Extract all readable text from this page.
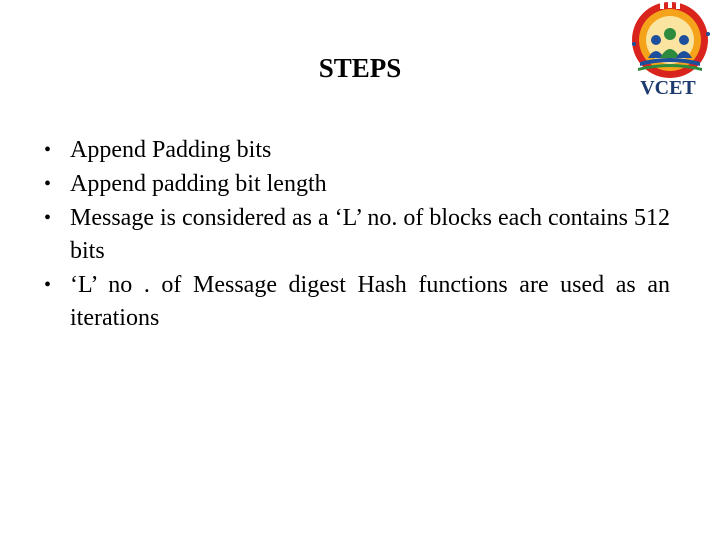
VCET
STEPS
• Append Padding bits
• Append padding bit length
• Message is considered as a ‘L’ no. of blocks each contains 512 bits
• ‘L’ no . of Message digest Hash functions are used as an iterations
